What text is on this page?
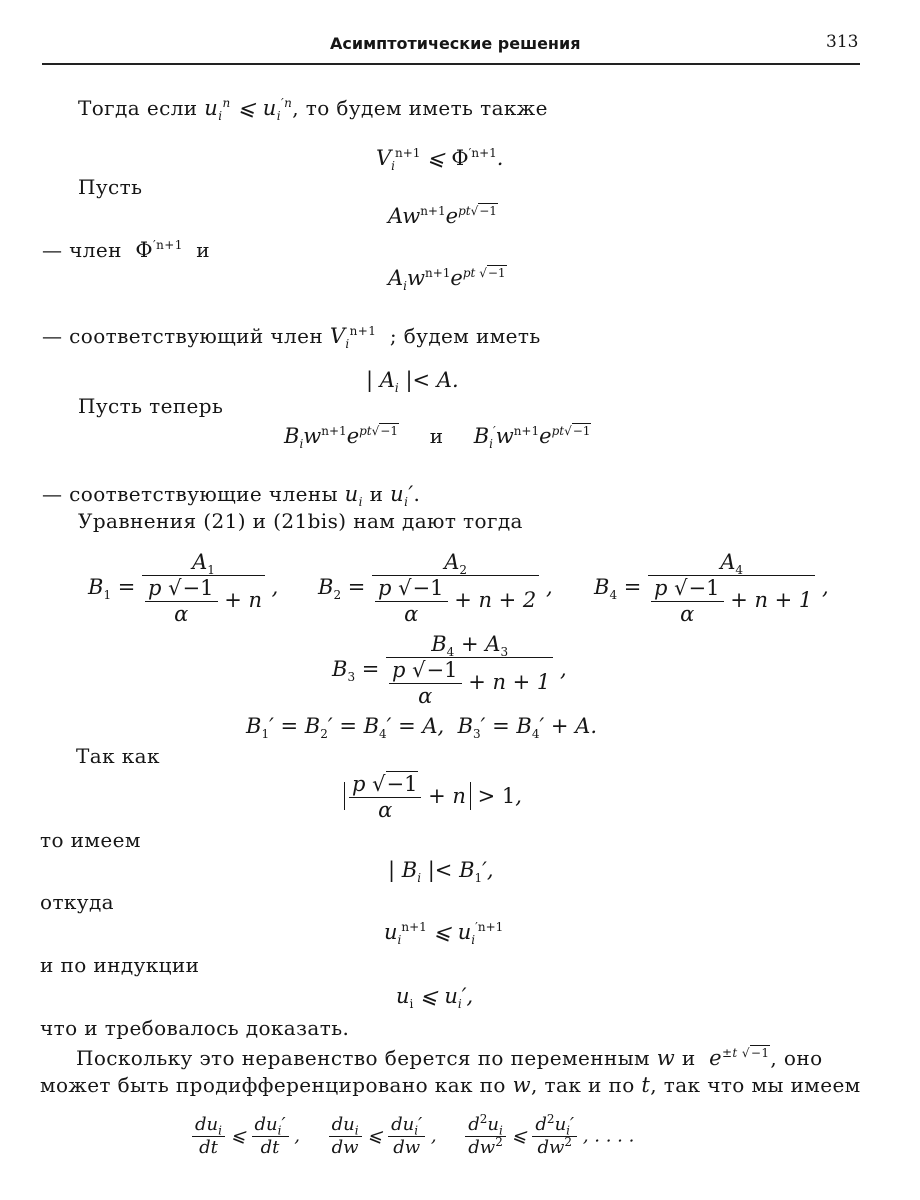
Асимптотические решения	313
Тогда если $u_i^n$ ⩽ $u_i^{'n}$, то будем иметь также
$V_i^{n+1}$ ⩽ $\Phi^{'n+1}$.
Пусть
$Aw^{n+1}e^{pt√-1}$
— член $\Phi^{'n+1}$ и
$A_iw^{n+1}e^{pt √-1}$
— соответствующий член $V_i^{n+1}$ ; будем иметь
| $A_i$ |< A.
Пусть теперь
$B_iw^{n+1}e^{pt√-1}$ и $B_i'w^{n+1}e^{pt√-1}$
— соответствующие члены $u_i$ и $u_i'$.
Уравнения (21) и (21bis) нам дают тогда
$B_1 = \frac{A_1}{\frac{p √-1}{\alpha} + n}$ , $B_2 = \frac{A_2}{\frac{p √-1}{\alpha} + n + 2}$ , $B_4 = \frac{A_4}{\frac{p √-1}{\alpha} + n + 1}$ ,
$B_3 = \frac{B_4 + A_3}{\frac{p √-1}{\alpha} + n + 1}$ ,
$B_1' = B_2' = B_4' = A$,  $B_3' = B_4' + A$.
Так как
$\frac{p √-1}{\alpha} + n > 1$,
то имеем
| $B_i$ |< $B_1'$,
откуда
$u_i^{n+1}$ ⩽ $u_i^{'n+1}$
и по индукции
$u_i$ ⩽ $u_i'$,
что и требовалось доказать.
Поскольку это неравенство берется по переменным w и $e^{\pm t √-1}$, оно
может быть продифференцировано как по w, так и по t, так что мы имеем
$\frac{du_i}{dt}$ ⩽ $\frac{du_i'}{dt}$ , $\frac{du_i}{dw}$ ⩽ $\frac{du_i'}{dw}$ , $\frac{d^2u_i}{dw^2}$ ⩽ $\frac{d^2u_i'}{dw^2}$ , . . . .
